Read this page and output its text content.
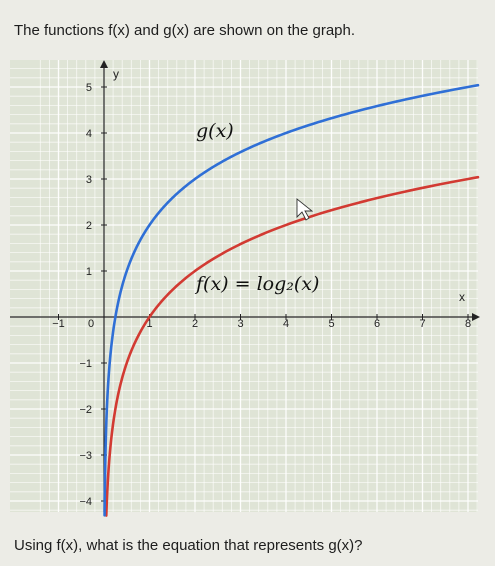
The functions f(x) and g(x) are shown on the graph.
−1 0	1	2	3	4	5	6	7	8
−4
−3
−2
−1
1
2
3
4
5
x
y
g(x)
f(x) = log₂(x)
Using f(x), what is the equation that represents g(x)?
